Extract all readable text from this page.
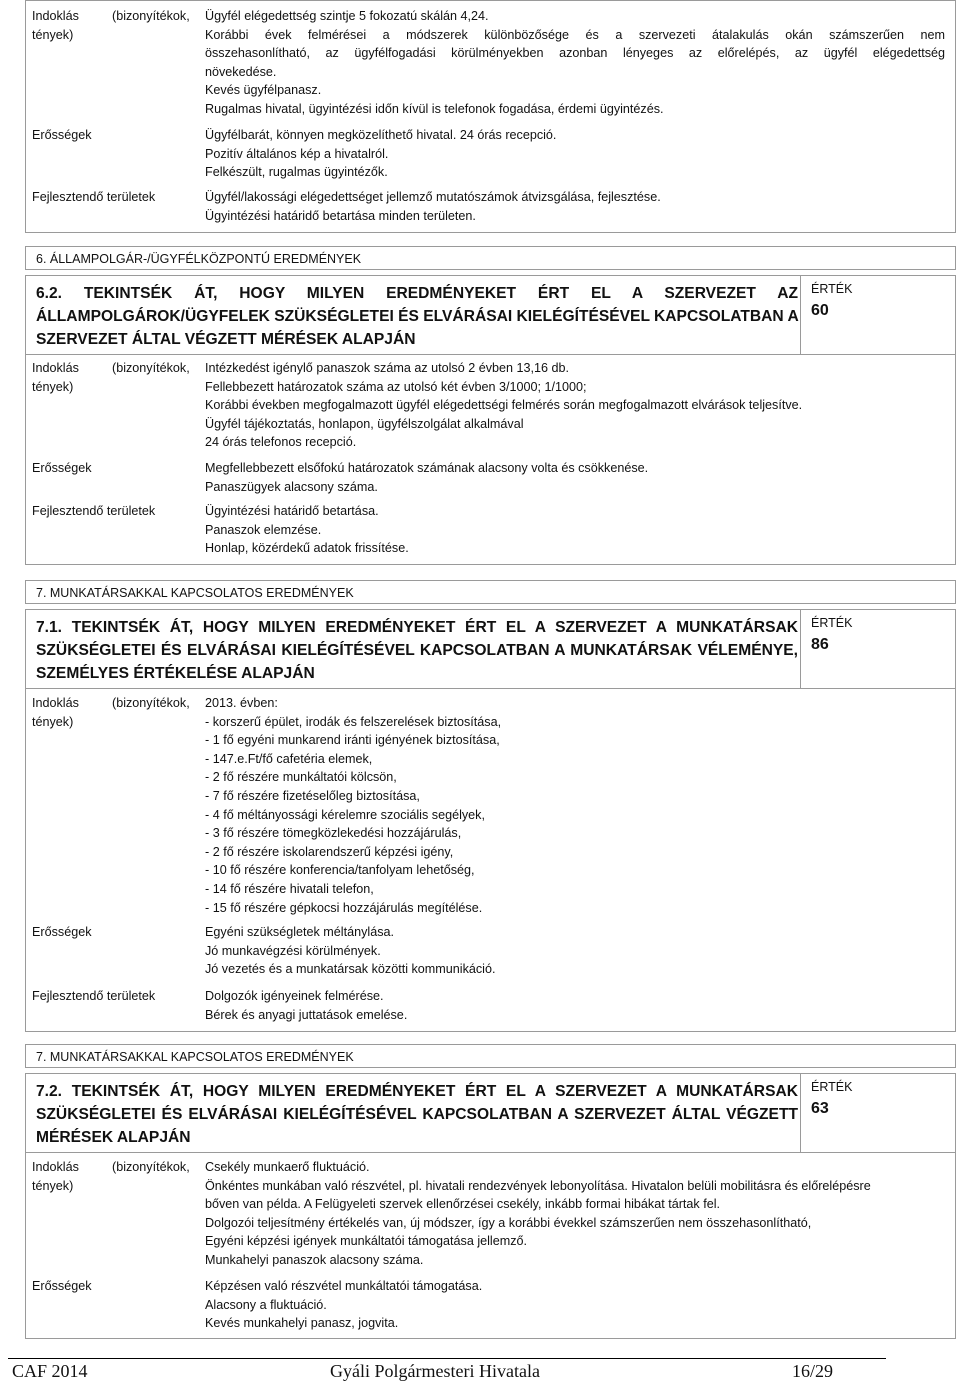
Indoklás	(bizonyítékok,
tények)
Ügyfél elégedettség szintje 5 fokozatú skálán 4,24.
Korábbi évek felmérései a módszerek különbözősége és a szervezeti átalakulás okán számszerűen nem
összehasonlítható, az ügyfélfogadási körülményekben azonban lényeges az előrelépés, az ügyfél elégedettség
növekedése.
Kevés ügyfélpanasz.
Rugalmas hivatal, ügyintézési időn kívül is telefonok fogadása, érdemi ügyintézés.
Erősségek	Ügyfélbarát, könnyen megközelíthető hivatal. 24 órás recepció.
Pozitív általános kép a hivatalról.
Felkészült, rugalmas ügyintézők.
Fejlesztendő területek	Ügyfél/lakossági elégedettséget jellemző mutatószámok átvizsgálása, fejlesztése.
Ügyintézési határidő betartása minden területen.
6. ÁLLAMPOLGÁR-/ÜGYFÉLKÖZPONTÚ EREDMÉNYEK
6.2. TEKINTSÉK ÁT, HOGY MILYEN EREDMÉNYEKET ÉRT EL A SZERVEZET AZ
ÁLLAMPOLGÁROK/ÜGYFELEK SZÜKSÉGLETEI ÉS ELVÁRÁSAI KIELÉGÍTÉSÉVEL KAPCSOLATBAN A
SZERVEZET ÁLTAL VÉGZETT MÉRÉSEK ALAPJÁN
ÉRTÉK
60
Indoklás	(bizonyítékok,
tények)
Intézkedést igénylő panaszok száma az utolsó 2 évben 13,16 db.
Fellebbezett határozatok száma az utolsó két évben 3/1000; 1/1000;
Korábbi években megfogalmazott ügyfél elégedettségi felmérés során megfogalmazott elvárások teljesítve.
Ügyfél tájékoztatás, honlapon, ügyfélszolgálat alkalmával
24 órás telefonos recepció.
Erősségek	Megfellebbezett elsőfokú határozatok számának alacsony volta és csökkenése.
Panaszügyek alacsony száma.
Fejlesztendő területek	Ügyintézési határidő betartása.
Panaszok elemzése.
Honlap, közérdekű adatok frissítése.
7. MUNKATÁRSAKKAL KAPCSOLATOS EREDMÉNYEK
7.1. TEKINTSÉK ÁT, HOGY MILYEN EREDMÉNYEKET ÉRT EL A SZERVEZET A MUNKATÁRSAK
SZÜKSÉGLETEI ÉS ELVÁRÁSAI KIELÉGÍTÉSÉVEL KAPCSOLATBAN A MUNKATÁRSAK VÉLEMÉNYE,
SZEMÉLYES ÉRTÉKELÉSE ALAPJÁN
ÉRTÉK
86
Indoklás	(bizonyítékok,
tények)
2013. évben:
- korszerű épület, irodák és felszerelések biztosítása,
- 1 fő egyéni munkarend iránti igényének biztosítása,
- 147.e.Ft/fő cafetéria elemek,
- 2 fő részére munkáltatói kölcsön,
- 7 fő részére fizetéselőleg biztosítása,
- 4 fő méltányossági kérelemre szociális segélyek,
- 3 fő részére tömegközlekedési hozzájárulás,
- 2 fő részére iskolarendszerű képzési igény,
- 10 fő részére konferencia/tanfolyam lehetőség,
- 14 fő részére hivatali telefon,
- 15 fő részére gépkocsi hozzájárulás megítélése.
Erősségek	Egyéni szükségletek méltánylása.
Jó munkavégzési körülmények.
Jó vezetés és a munkatársak közötti kommunikáció.
Fejlesztendő területek	Dolgozók igényeinek felmérése.
Bérek és anyagi juttatások emelése.
7. MUNKATÁRSAKKAL KAPCSOLATOS EREDMÉNYEK
7.2. TEKINTSÉK ÁT, HOGY MILYEN EREDMÉNYEKET ÉRT EL A SZERVEZET A MUNKATÁRSAK
SZÜKSÉGLETEI ÉS ELVÁRÁSAI KIELÉGÍTÉSÉVEL KAPCSOLATBAN A SZERVEZET ÁLTAL VÉGZETT
MÉRÉSEK ALAPJÁN
ÉRTÉK
63
Indoklás	(bizonyítékok,
tények)
Csekély munkaerő fluktuáció.
Önkéntes munkában való részvétel, pl. hivatali rendezvények lebonyolítása. Hivatalon belüli mobilitásra és előrelépésre
bőven van példa. A Felügyeleti szervek ellenőrzései csekély, inkább formai hibákat tártak fel.
Dolgozói teljesítmény értékelés van, új módszer, így a korábbi évekkel számszerűen nem összehasonlítható,
Egyéni képzési igények munkáltatói támogatása jellemző.
Munkahelyi panaszok alacsony száma.
Erősségek	Képzésen való részvétel munkáltatói támogatása.
Alacsony a fluktuáció.
Kevés munkahelyi panasz, jogvita.
CAF 2014	Gyáli Polgármesteri Hivatala	16/29
